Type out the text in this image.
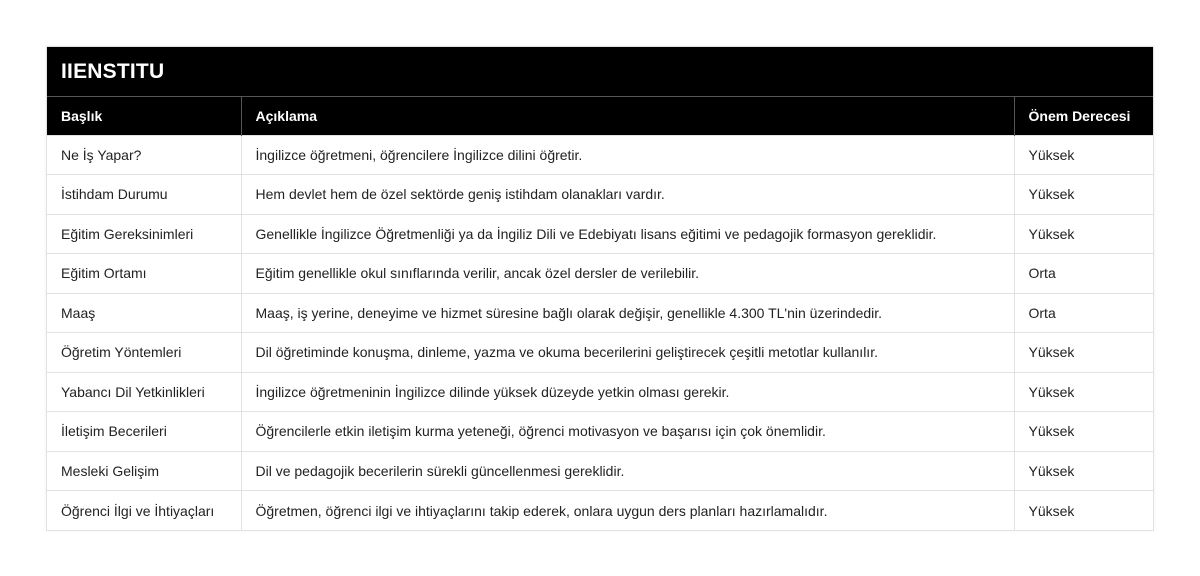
IIENSTITU
Başlık	Açıklama	Önem Derecesi
Ne İş Yapar?	İngilizce öğretmeni, öğrencilere İngilizce dilini öğretir.	Yüksek
İstihdam Durumu	Hem devlet hem de özel sektörde geniş istihdam olanakları vardır.	Yüksek
Eğitim Gereksinimleri	Genellikle İngilizce Öğretmenliği ya da İngiliz Dili ve Edebiyatı lisans eğitimi ve pedagojik formasyon gereklidir.	Yüksek
Eğitim Ortamı	Eğitim genellikle okul sınıflarında verilir, ancak özel dersler de verilebilir.	Orta
Maaş	Maaş, iş yerine, deneyime ve hizmet süresine bağlı olarak değişir, genellikle 4.300 TL'nin üzerindedir.	Orta
Öğretim Yöntemleri	Dil öğretiminde konuşma, dinleme, yazma ve okuma becerilerini geliştirecek çeşitli metotlar kullanılır.	Yüksek
Yabancı Dil Yetkinlikleri	İngilizce öğretmeninin İngilizce dilinde yüksek düzeyde yetkin olması gerekir.	Yüksek
İletişim Becerileri	Öğrencilerle etkin iletişim kurma yeteneği, öğrenci motivasyon ve başarısı için çok önemlidir.	Yüksek
Mesleki Gelişim	Dil ve pedagojik becerilerin sürekli güncellenmesi gereklidir.	Yüksek
Öğrenci İlgi ve İhtiyaçları	Öğretmen, öğrenci ilgi ve ihtiyaçlarını takip ederek, onlara uygun ders planları hazırlamalıdır.	Yüksek
